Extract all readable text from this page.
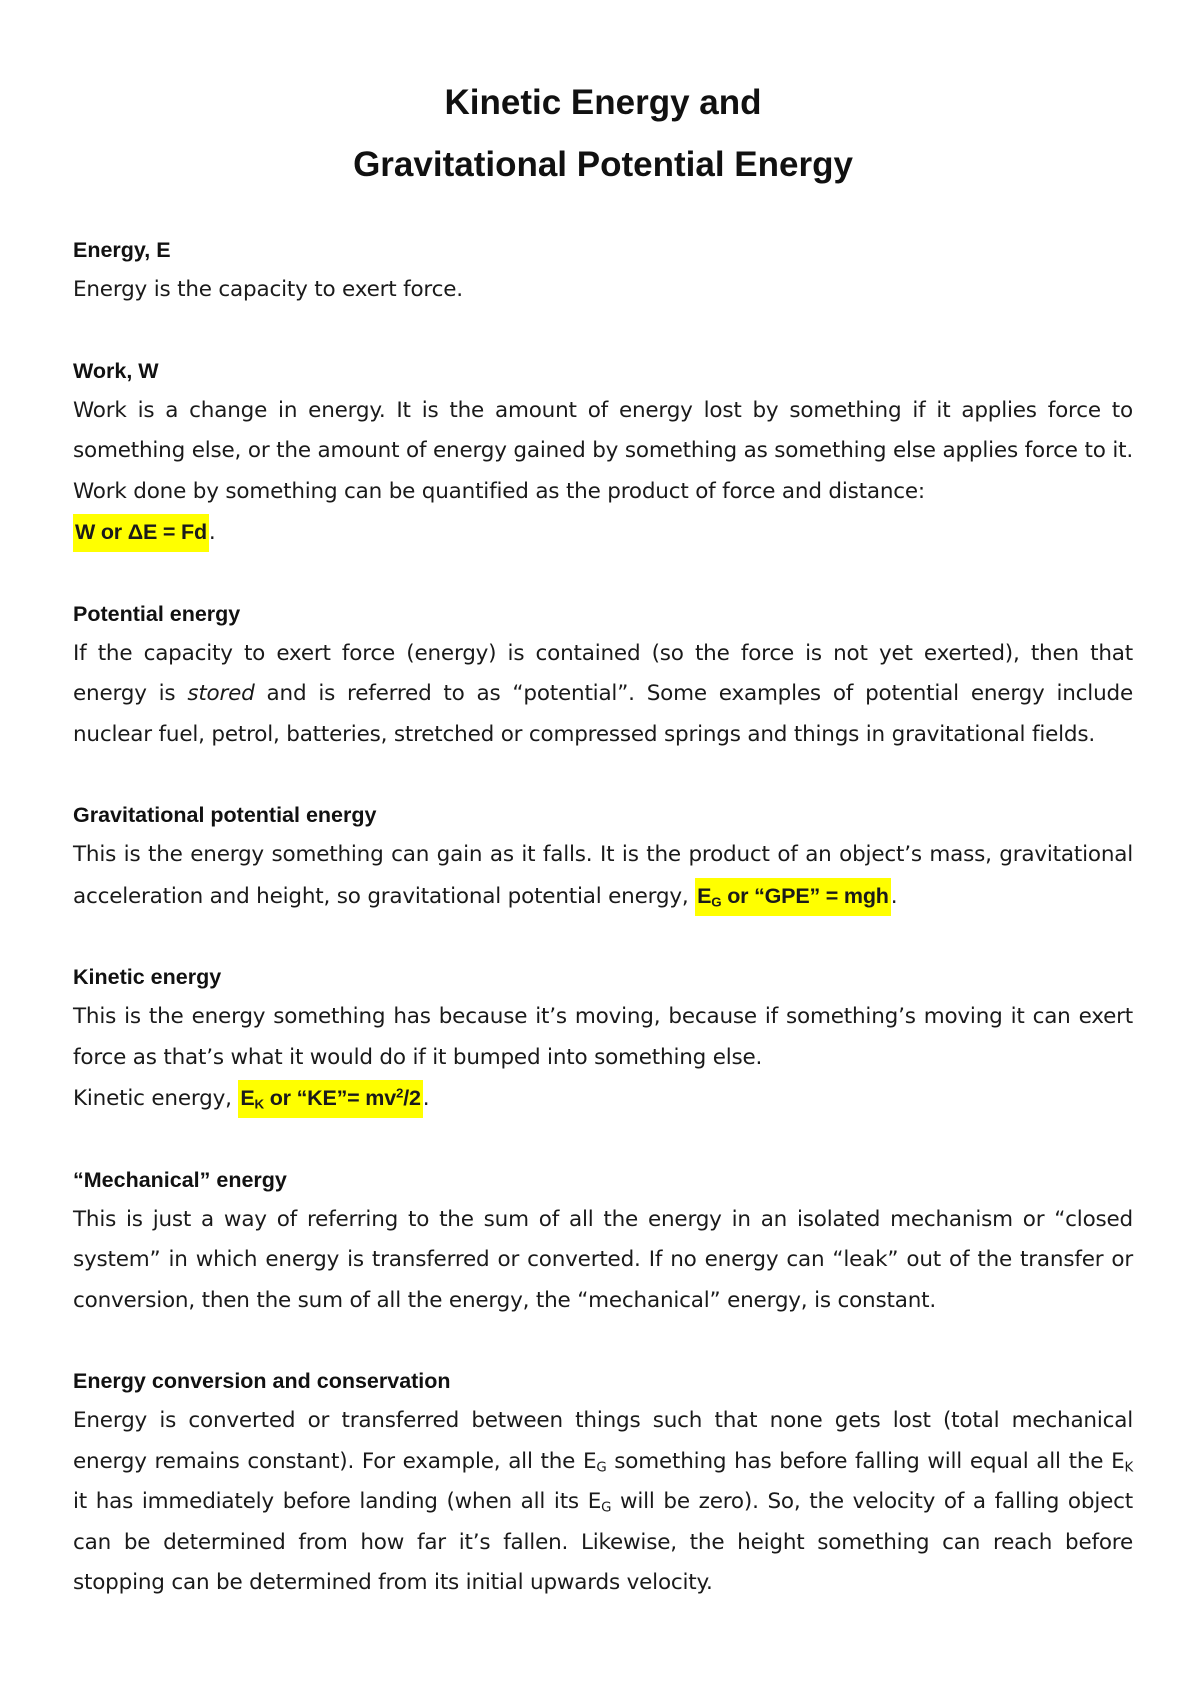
Kinetic Energy and

Gravitational Potential Energy

Energy, E

Energy is the capacity to exert force.

Work, W

Work is a change in energy. It is the amount of energy lost by something if it applies force to something else, or the amount of energy gained by something as something else applies force to it. Work done by something can be quantified as the product of force and distance:

W or ΔE = Fd.

Potential energy

If the capacity to exert force (energy) is contained (so the force is not yet exerted), then that energy is stored and is referred to as “potential”. Some examples of potential energy include nuclear fuel, petrol, batteries, stretched or compressed springs and things in gravitational fields.

Gravitational potential energy

This is the energy something can gain as it falls. It is the product of an object’s mass, gravitational acceleration and height, so gravitational potential energy, $E_G$ or “GPE” = mgh.

Kinetic energy

This is the energy something has because it’s moving, because if something’s moving it can exert force as that’s what it would do if it bumped into something else.

Kinetic energy, $E_K$ or “KE”= $mv^2/2$.

“Mechanical” energy

This is just a way of referring to the sum of all the energy in an isolated mechanism or “closed system” in which energy is transferred or converted. If no energy can “leak” out of the transfer or conversion, then the sum of all the energy, the “mechanical” energy, is constant.

Energy conversion and conservation

Energy is converted or transferred between things such that none gets lost (total mechanical energy remains constant). For example, all the $E_G$ something has before falling will equal all the $E_K$ it has immediately before landing (when all its $E_G$ will be zero). So, the velocity of a falling object can be determined from how far it’s fallen. Likewise, the height something can reach before stopping can be determined from its initial upwards velocity.
